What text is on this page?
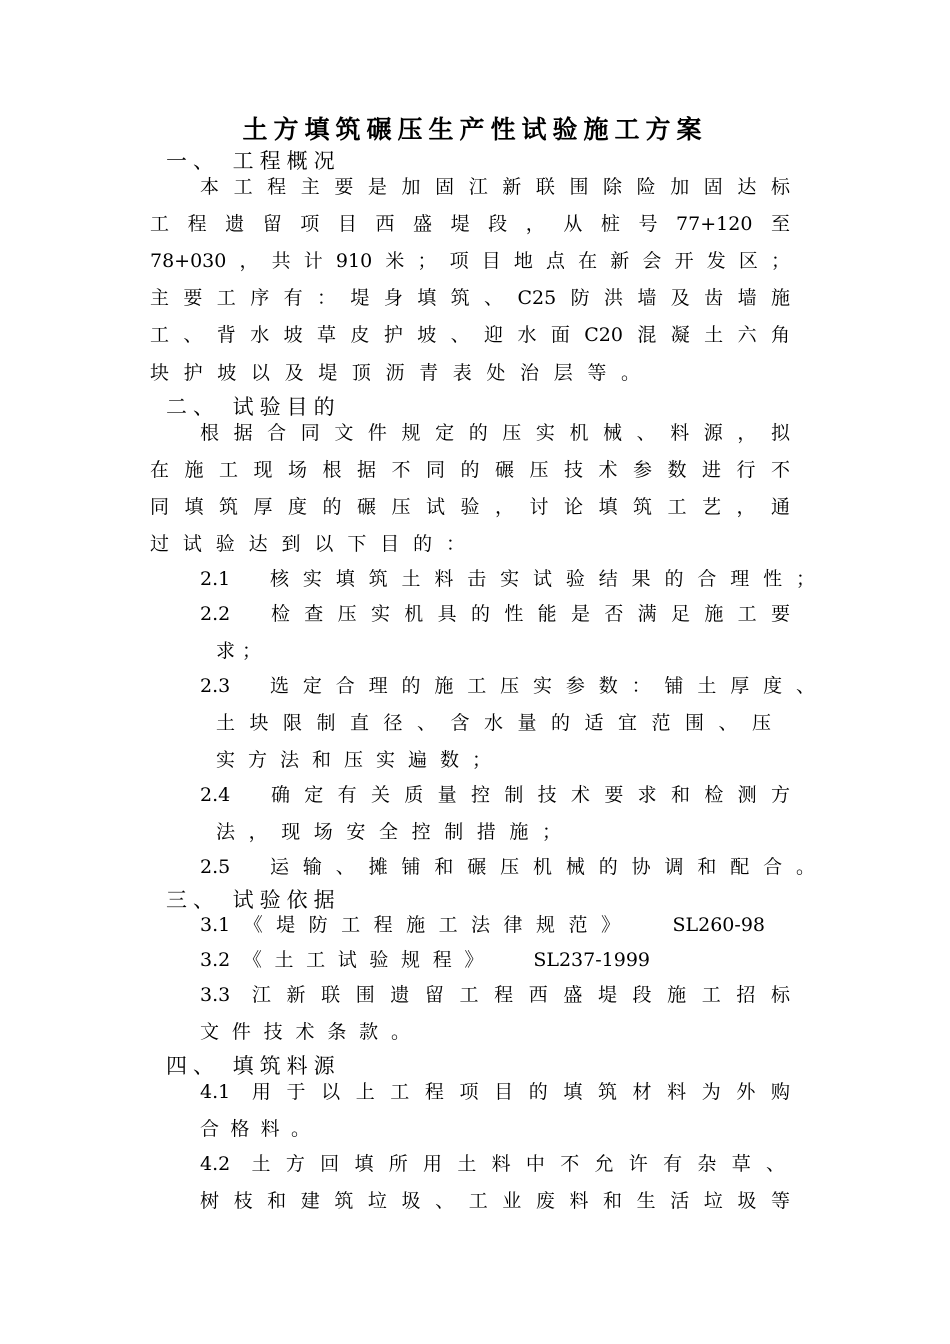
土方填筑碾压生产性试验施工方案
一、 工程概况
本工程主要是加固江新联围除险加固达标
工程遗留项目西盛堤段，从桩号77+120至
78+030，共计910米；项目地点在新会开发区；
主要工序有：堤身填筑、C25防洪墙及齿墙施
工、背水坡草皮护坡、迎水面C20混凝土六角
块护坡以及堤顶沥青表处治层等。
二、 试验目的
根据合同文件规定的压实机械、料源，拟
在施工现场根据不同的碾压技术参数进行不
同填筑厚度的碾压试验，讨论填筑工艺，通
过试验达到以下目的：
2.1  核实填筑土料击实试验结果的合理性；
2.2  检查压实机具的性能是否满足施工要
求；
2.3  选定合理的施工压实参数：铺土厚度、
土块限制直径、含水量的适宜范围、压
实方法和压实遍数；
2.4  确定有关质量控制技术要求和检测方
法，现场安全控制措施；
2.5  运输、摊铺和碾压机械的协调和配合。
三、 试验依据
3.1《堤防工程施工法律规范》  SL260-98
3.2《土工试验规程》  SL237-1999
3.3 江新联围遗留工程西盛堤段施工招标
文件技术条款。
四、 填筑料源
4.1 用于以上工程项目的填筑材料为外购
合格料。
4.2 土方回填所用土料中不允许有杂草、
树枝和建筑垃圾、工业废料和生活垃圾等
